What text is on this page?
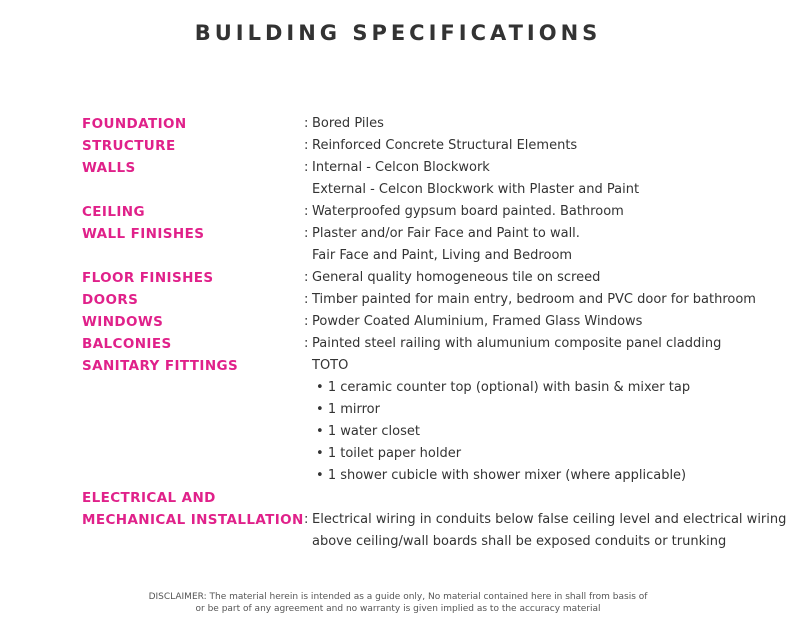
BUILDING SPECIFICATIONS
FOUNDATION	: Bored Piles
STRUCTURE	: Reinforced Concrete Structural Elements
WALLS	: Internal - Celcon Blockwork
External - Celcon Blockwork with Plaster and Paint
CEILING	: Waterproofed gypsum board painted. Bathroom
WALL FINISHES	: Plaster and/or Fair Face and Paint to wall.
Fair Face and Paint, Living and Bedroom
FLOOR FINISHES	: General quality homogeneous tile on screed
DOORS	: Timber painted for main entry, bedroom and PVC door for bathroom
WINDOWS	: Powder Coated Aluminium, Framed Glass Windows
BALCONIES	: Painted steel railing with alumunium composite panel cladding
SANITARY FITTINGS	TOTO
• 1 ceramic counter top (optional) with basin & mixer tap
• 1 mirror
• 1 water closet
• 1 toilet paper holder
• 1 shower cubicle with shower mixer (where applicable)
ELECTRICAL AND
MECHANICAL INSTALLATION : Electrical wiring in conduits below false ceiling level and electrical wiring
above ceiling/wall boards shall be exposed conduits or trunking
DISCLAIMER: The material herein is intended as a guide only, No material contained here in shall from basis of
or be part of any agreement and no warranty is given implied as to the accuracy material
